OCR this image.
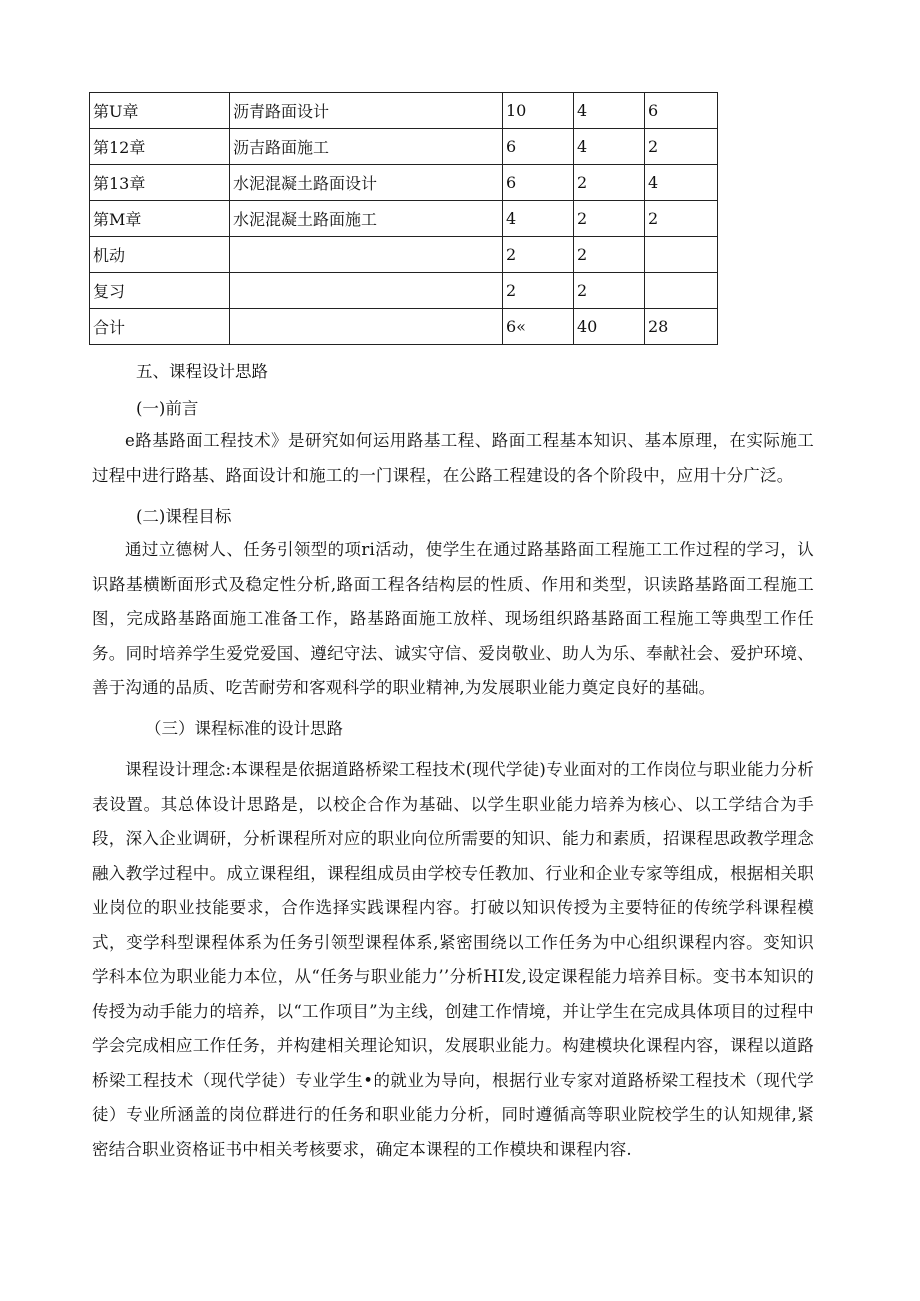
第U章	沥青路面设计	10	4	6
第12章	沥吉路面施工	6	4	2
第13章	水泥混凝土路面设计	6	2	4
第M章	水泥混凝土路面施工	4	2	2
机动		2	2	
复习		2	2	
合计		6«	40	28

五、课程设计思路

(一)前言

e路基路面工程技术》是研究如何运用路基工程、路面工程基本知识、基本原理，在实际施工过程中进行路基、路面设计和施工的一门课程，在公路工程建设的各个阶段中，应用十分广泛。

(二)课程目标

通过立德树人、任务引领型的项ri活动，使学生在通过路基路面工程施工工作过程的学习，认识路基横断面形式及稳定性分析,路面工程各结构层的性质、作用和类型，识读路基路面工程施工图，完成路基路面施工准备工作，路基路面施工放样、现场组织路基路面工程施工等典型工作任务。同时培养学生爱党爱国、遵纪守法、诚实守信、爱岗敬业、助人为乐、奉献社会、爱护环境、善于沟通的品质、吃苦耐劳和客观科学的职业精神,为发展职业能力奠定良好的基础。

（三）课程标准的设计思路

课程设计理念:本课程是依据道路桥梁工程技术(现代学徒)专业面对的工作岗位与职业能力分析表设置。其总体设计思路是，以校企合作为基础、以学生职业能力培养为核心、以工学结合为手段，深入企业调研，分析课程所对应的职业向位所需要的知识、能力和素质，招课程思政教学理念融入教学过程中。成立课程组，课程组成员由学校专任教加、行业和企业专家等组成，根据相关职业岗位的职业技能要求，合作选择实践课程内容。打破以知识传授为主要特征的传统学科课程模式，变学科型课程体系为任务引领型课程体系,紧密围绕以工作任务为中心组织课程内容。变知识学科本位为职业能力本位，从“任务与职业能力’’分析HI发,设定课程能力培养目标。变书本知识的传授为动手能力的培养，以“工作项目”为主线，创建工作情境，并让学生在完成具体项目的过程中学会完成相应工作任务，并构建相关理论知识，发展职业能力。构建模块化课程内容，课程以道路桥梁工程技术（现代学徒）专业学生•的就业为导向，根据行业专家对道路桥梁工程技术（现代学徒）专业所涵盖的岗位群进行的任务和职业能力分析，同时遵循高等职业院校学生的认知规律,紧密结合职业资格证书中相关考核要求，确定本课程的工作模块和课程内容.
